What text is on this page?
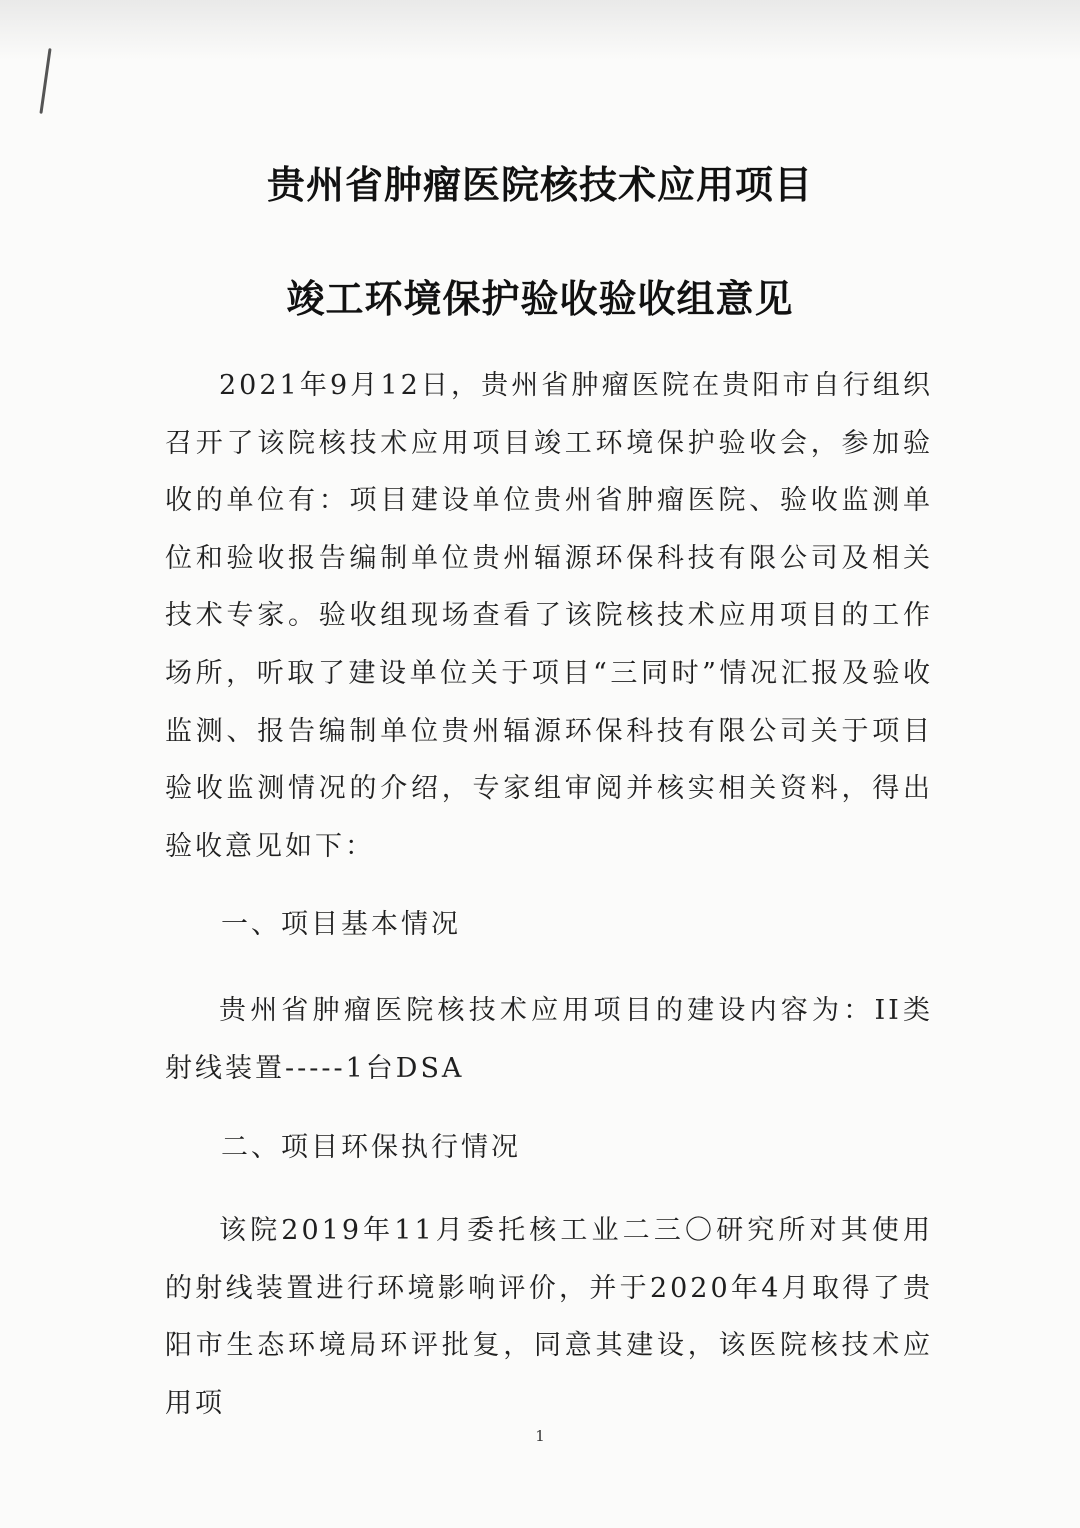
贵州省肿瘤医院核技术应用项目
竣工环境保护验收验收组意见
2021年9月12日，贵州省肿瘤医院在贵阳市自行组织召开了该院核技术应用项目竣工环境保护验收会，参加验收的单位有：项目建设单位贵州省肿瘤医院、验收监测单位和验收报告编制单位贵州辐源环保科技有限公司及相关技术专家。验收组现场查看了该院核技术应用项目的工作场所，听取了建设单位关于项目“三同时”情况汇报及验收监测、报告编制单位贵州辐源环保科技有限公司关于项目验收监测情况的介绍，专家组审阅并核实相关资料，得出验收意见如下：
一、项目基本情况
贵州省肿瘤医院核技术应用项目的建设内容为：II类射线装置-----1台DSA
二、项目环保执行情况
该院2019年11月委托核工业二三〇研究所对其使用的射线装置进行环境影响评价，并于2020年4月取得了贵阳市生态环境局环评批复，同意其建设，该医院核技术应用项
1
